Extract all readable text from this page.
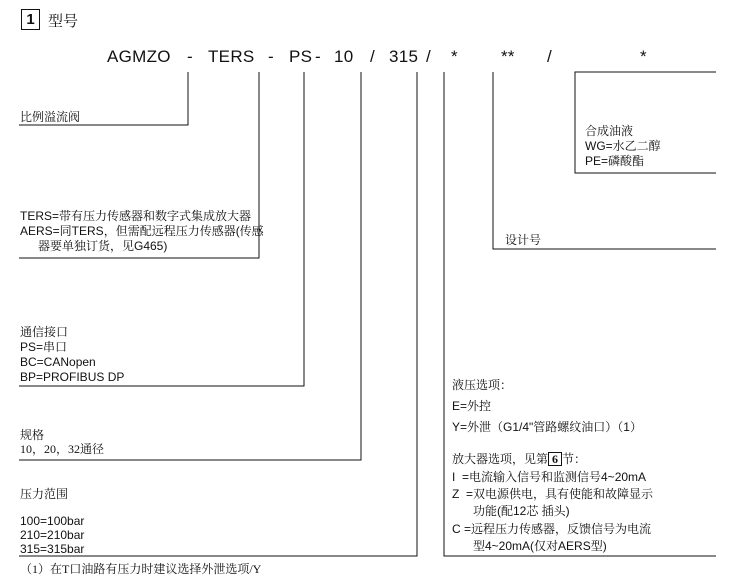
1 型号
AGMZO - TERS - PS - 10 / 315 / *	** /	*
比例溢流阀
TERS=带有压力传感器和数字式集成放大器
AERS=同TERS，但需配远程压力传感器(传感
器要单独订货，见G465)
通信接口
PS=串口
BC=CANopen
BP=PROFIBUS DP
规格
10，20，32通径
压力范围
100=100bar
210=210bar
315=315bar
（1）在T口油路有压力时建议选择外泄选项/Y
合成油液
WG=水乙二醇
PE=磷酸酯
设计号
液压选项：
E=外控
Y=外泄（G1/4"管路螺纹油口）（1）
放大器选项，见第 6 节：
I  =电流输入信号和监测信号4~20mA
Z  =双电源供电，具有使能和故障显示
功能(配12芯 插头)
C =远程压力传感器，反馈信号为电流
型4~20mA(仅对AERS型)
